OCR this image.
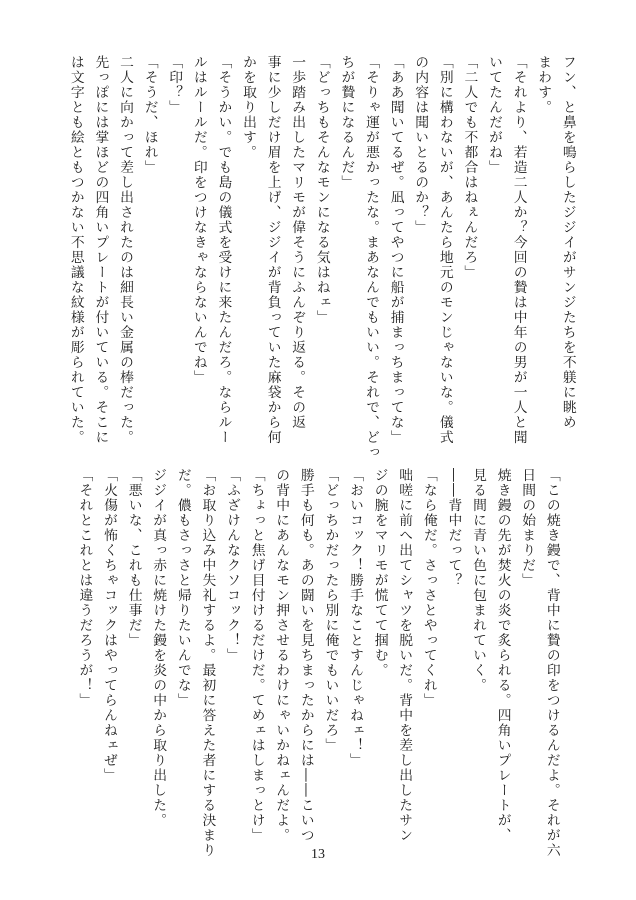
フン、と鼻を鳴らしたジジイがサンジたちを不躾に眺め
まわす。
「それより、若造二人か？今回の贄は中年の男が一人と聞
いてたんだがね」
「二人でも不都合はねぇんだろ」
「別に構わないが、あんたら地元のモンじゃないな。儀式
の内容は聞いとるのか？」
「ああ聞いてるぜ。凪ってやつに船が捕まっちまってな」
「そりゃ運が悪かったな。まあなんでもいい。それで、どっ
ちが贄になるんだ」
「どっちもそんなモンになる気はねェ」
一歩踏み出したマリモが偉そうにふんぞり返る。その返
事に少しだけ眉を上げ、ジジイが背負っていた麻袋から何
かを取り出す。
「そうかい。でも島の儀式を受けに来たんだろ。ならルー
ルはルールだ。印をつけなきゃならないんでね」
「印？」
「そうだ、ほれ」
二人に向かって差し出されたのは細長い金属の棒だった。
先っぽには掌ほどの四角いプレートが付いている。そこに
は文字とも絵ともつかない不思議な紋様が彫られていた。
「この焼き鏝で、背中に贄の印をつけるんだよ。それが六
日間の始まりだ」
焼き鏝の先が焚火の炎で炙られる。四角いプレートが、
見る間に青い色に包まれていく。
――背中だって？
「なら俺だ。さっさとやってくれ」
咄嗟に前へ出てシャツを脱いだ。背中を差し出したサン
ジの腕をマリモが慌てて掴む。
「おいコック！勝手なことすんじゃねェ！」
「どっちかだったら別に俺でもいいだろ」
勝手も何も。あの闘いを見ちまったからには――こいつ
の背中にあんなモン押させるわけにゃいかねェんだよ。
「ちょっと焦げ目付けるだけだ。てめェはしまっとけ」
「ふざけんなクソコック！」
「お取り込み中失礼するよ。最初に答えた者にする決まり
だ。儂もさっさと帰りたいんでな」
ジジイが真っ赤に焼けた鏝を炎の中から取り出した。
「悪いな、これも仕事だ」
「火傷が怖くちゃコックはやってらんねェぜ」
「それとこれとは違うだろうが！」
13
